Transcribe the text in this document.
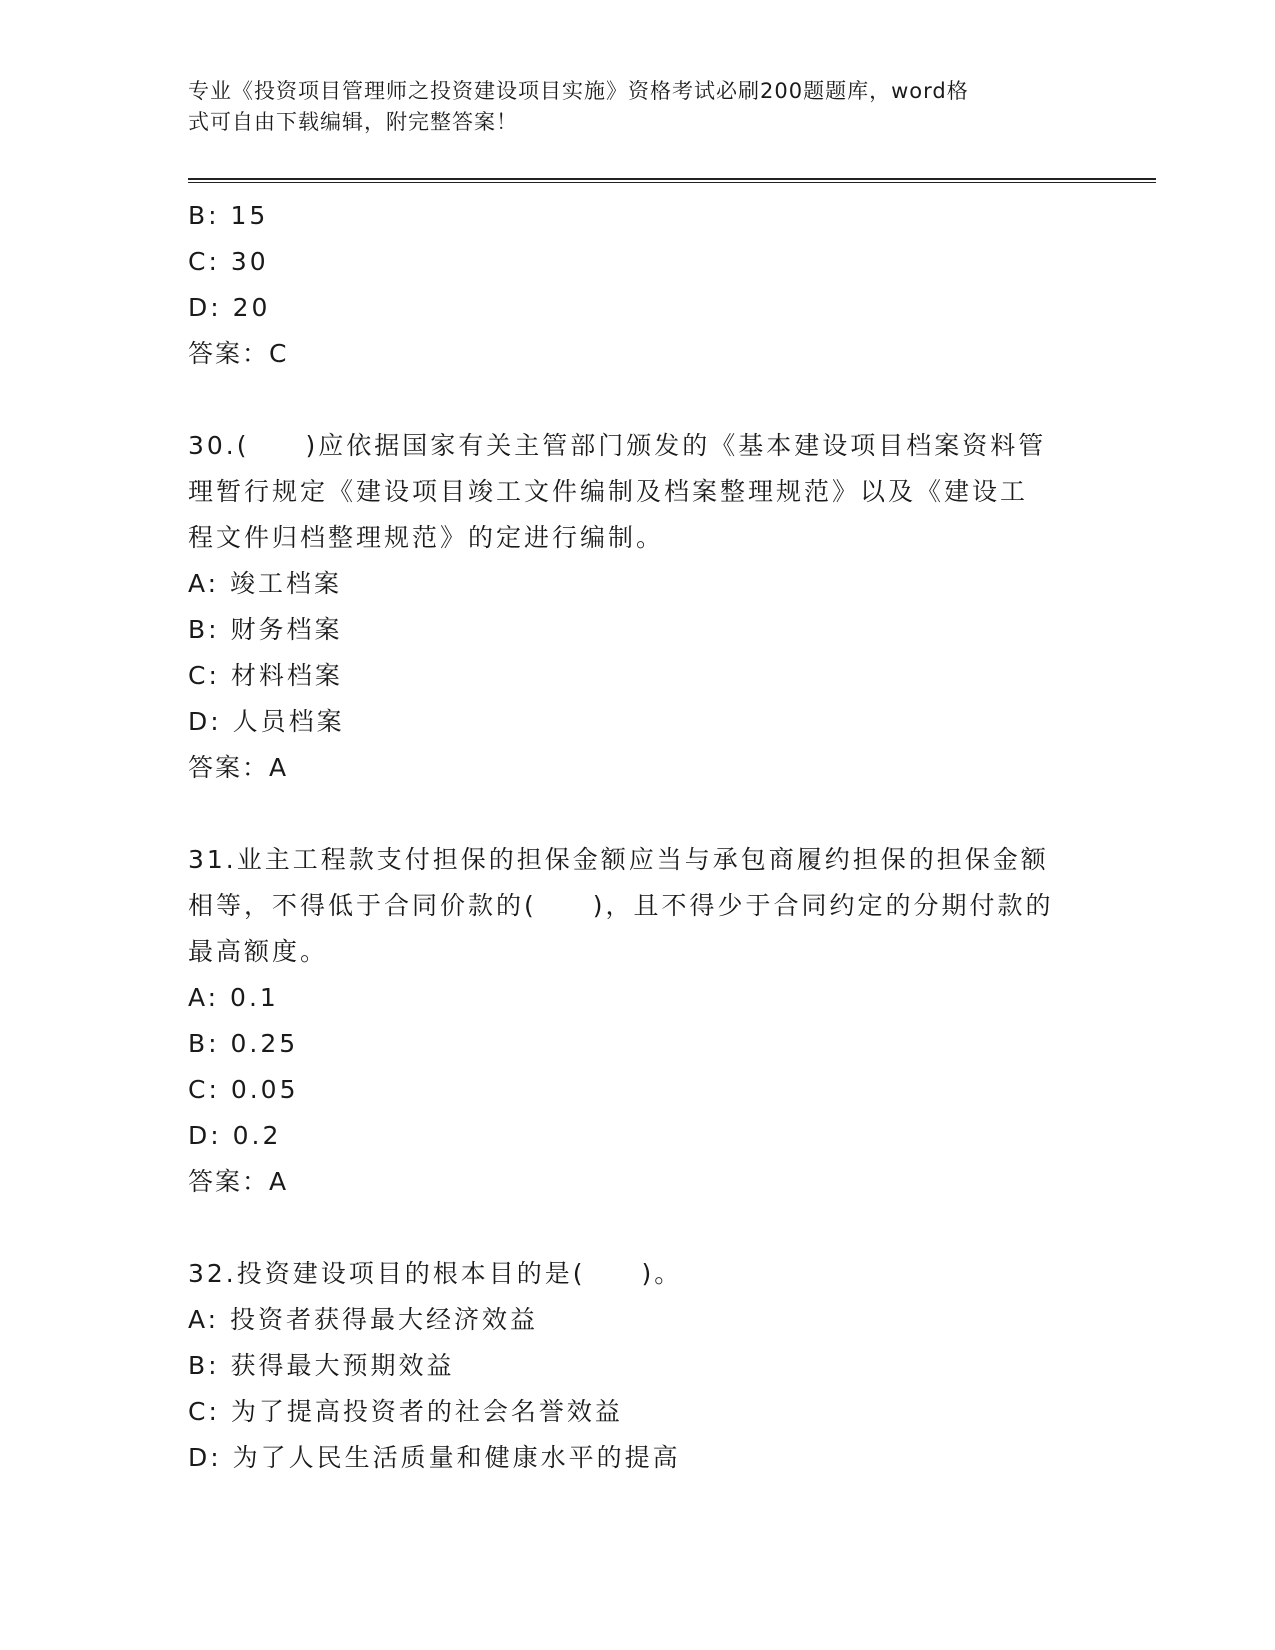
专业《投资项目管理师之投资建设项目实施》资格考试必刷200题题库，word格
式可自由下载编辑，附完整答案！
B: 15
C: 30
D: 20
答案：C
30.(　　)应依据国家有关主管部门颁发的《基本建设项目档案资料管
理暂行规定《建设项目竣工文件编制及档案整理规范》以及《建设工
程文件归档整理规范》的定进行编制。
A: 竣工档案
B: 财务档案
C: 材料档案
D: 人员档案
答案：A
31.业主工程款支付担保的担保金额应当与承包商履约担保的担保金额
相等，不得低于合同价款的(　　)，且不得少于合同约定的分期付款的
最高额度。
A: 0.1
B: 0.25
C: 0.05
D: 0.2
答案：A
32.投资建设项目的根本目的是(　　)。
A: 投资者获得最大经济效益
B: 获得最大预期效益
C: 为了提高投资者的社会名誉效益
D: 为了人民生活质量和健康水平的提高
